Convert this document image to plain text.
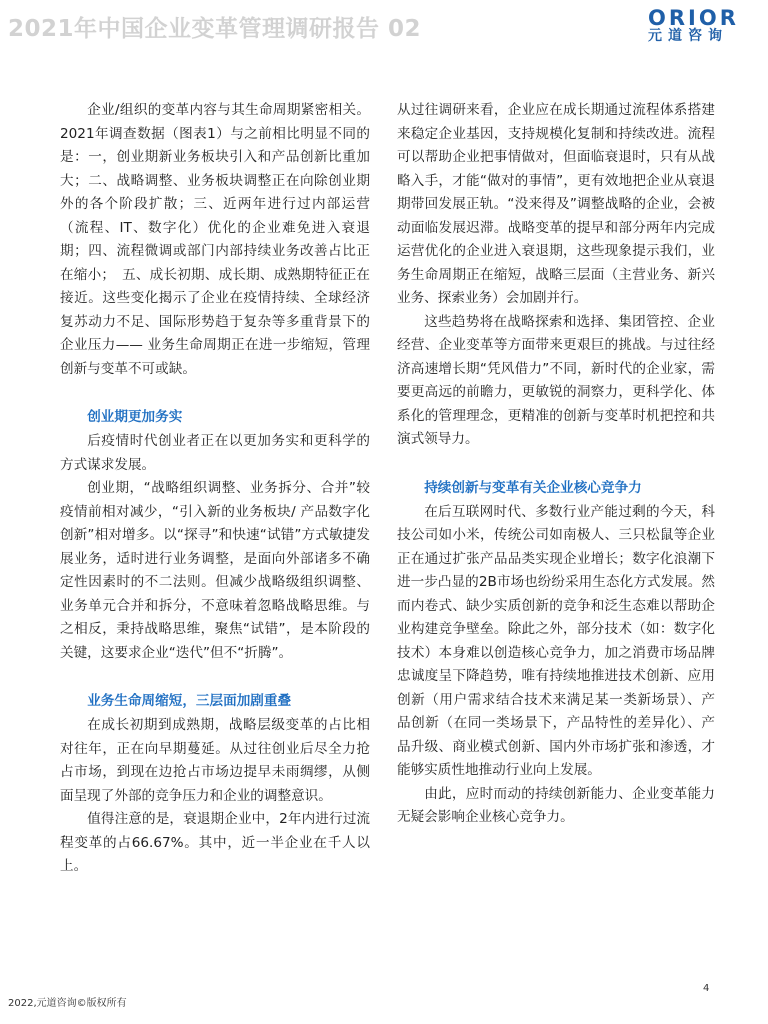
2021年中国企业变革管理调研报告 02	ORIOR
元道咨询

企业/组织的变革内容与其生命周期紧密相关。2021年调查数据（图表1）与之前相比明显不同的是：一，创业期新业务板块引入和产品创新比重加大；二、战略调整、业务板块调整正在向除创业期外的各个阶段扩散；三、近两年进行过内部运营（流程、IT、数字化）优化的企业难免进入衰退期；四、流程微调或部门内部持续业务改善占比正在缩小；　五、成长初期、成长期、成熟期特征正在接近。这些变化揭示了企业在疫情持续、全球经济复苏动力不足、国际形势趋于复杂等多重背景下的企业压力—— 业务生命周期正在进一步缩短，管理创新与变革不可或缺。

创业期更加务实

后疫情时代创业者正在以更加务实和更科学的方式谋求发展。

创业期，“战略组织调整、业务拆分、合并”较疫情前相对减少，“引入新的业务板块/ 产品数字化创新”相对增多。以“探寻”和快速“试错”方式敏捷发展业务，适时进行业务调整，是面向外部诸多不确定性因素时的不二法则。但减少战略级组织调整、业务单元合并和拆分，不意味着忽略战略思维。与之相反，秉持战略思维，聚焦“试错”，是本阶段的关键，这要求企业“迭代”但不“折腾”。

业务生命周缩短，三层面加剧重叠

在成长初期到成熟期，战略层级变革的占比相对往年，正在向早期蔓延。从过往创业后尽全力抢占市场，到现在边抢占市场边提早未雨绸缪，从侧面呈现了外部的竞争压力和企业的调整意识。

值得注意的是，衰退期企业中，2年内进行过流程变革的占66.67%。其中，近一半企业在千人以上。

从过往调研来看，企业应在成长期通过流程体系搭建来稳定企业基因，支持规模化复制和持续改进。流程可以帮助企业把事情做对，但面临衰退时，只有从战略入手，才能“做对的事情”，更有效地把企业从衰退期带回发展正轨。“没来得及”调整战略的企业，会被动面临发展迟滞。战略变革的提早和部分两年内完成运营优化的企业进入衰退期，这些现象提示我们，业务生命周期正在缩短，战略三层面（主营业务、新兴业务、探索业务）会加剧并行。

这些趋势将在战略探索和选择、集团管控、企业经营、企业变革等方面带来更艰巨的挑战。与过往经济高速增长期“凭风借力”不同，新时代的企业家，需要更高远的前瞻力，更敏锐的洞察力，更科学化、体系化的管理理念，更精准的创新与变革时机把控和共演式领导力。

持续创新与变革有关企业核心竞争力

在后互联网时代、多数行业产能过剩的今天，科技公司如小米，传统公司如南极人、三只松鼠等企业正在通过扩张产品品类实现企业增长；数字化浪潮下进一步凸显的2B市场也纷纷采用生态化方式发展。然而内卷式、缺少实质创新的竞争和泛生态难以帮助企业构建竞争壁垒。除此之外，部分技术（如：数字化技术）本身难以创造核心竞争力，加之消费市场品牌忠诚度呈下降趋势，唯有持续地推进技术创新、应用创新（用户需求结合技术来满足某一类新场景）、产品创新（在同一类场景下，产品特性的差异化）、产品升级、商业模式创新、国内外市场扩张和渗透，才能够实质性地推动行业向上发展。

由此，应时而动的持续创新能力、企业变革能力无疑会影响企业核心竞争力。

4
2022,元道咨询©版权所有
